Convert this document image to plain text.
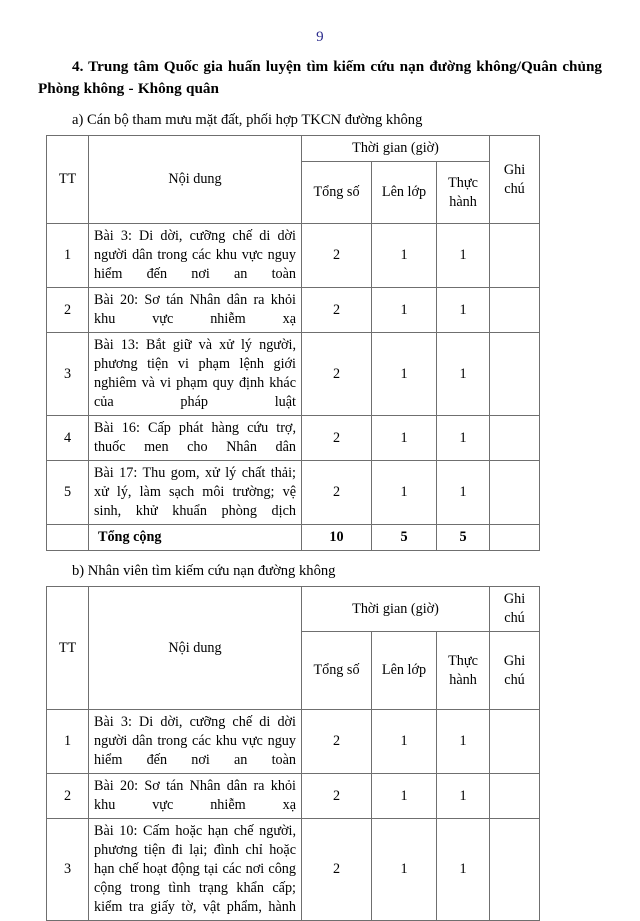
9

4. Trung tâm Quốc gia huấn luyện tìm kiếm cứu nạn đường không/Quân chủng Phòng không - Không quân

a) Cán bộ tham mưu mặt đất, phối hợp TKCN đường không

TT	Nội dung	Thời gian (giờ)			Ghi chú
		Tổng số	Lên lớp	Thực hành	
1	Bài 3: Di dời, cưỡng chế di dời người dân trong các khu vực nguy hiểm đến nơi an toàn	2	1	1	
2	Bài 20: Sơ tán Nhân dân ra khỏi khu vực nhiễm xạ	2	1	1	
3	Bài 13: Bắt giữ và xử lý người, phương tiện vi phạm lệnh giới nghiêm và vi phạm quy định khác của pháp luật	2	1	1	
4	Bài 16: Cấp phát hàng cứu trợ, thuốc men cho Nhân dân	2	1	1	
5	Bài 17: Thu gom, xử lý chất thải; xử lý, làm sạch môi trường; vệ sinh, khử khuẩn phòng dịch	2	1	1	
	Tổng cộng	10	5	5	

b) Nhân viên tìm kiếm cứu nạn đường không

TT	Nội dung	Thời gian (giờ)			Ghi chú
		Tổng số	Lên lớp	Thực hành	Ghi chú
1	Bài 3: Di dời, cưỡng chế di dời người dân trong các khu vực nguy hiểm đến nơi an toàn	2	1	1	
2	Bài 20: Sơ tán Nhân dân ra khỏi khu vực nhiễm xạ	2	1	1	
3	Bài 10: Cấm hoặc hạn chế người, phương tiện đi lại; đình chỉ hoặc hạn chế hoạt động tại các nơi công cộng trong tình trạng khẩn cấp; kiểm tra giấy tờ, vật phẩm, hành	2	1	1	
